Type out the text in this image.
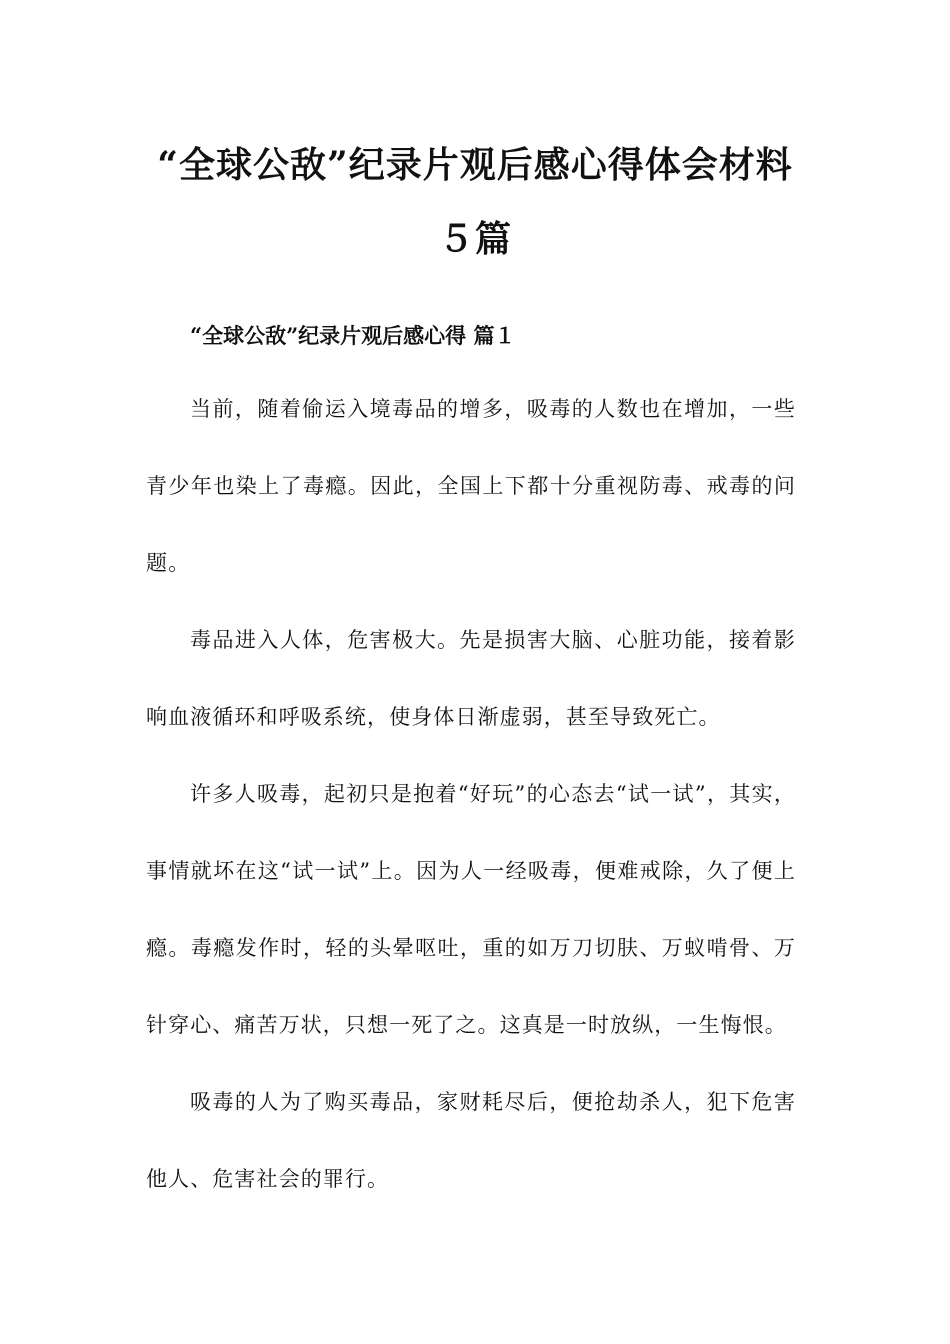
“全球公敌”纪录片观后感心得体会材料５篇
“全球公敌”纪录片观后感心得 篇１

当前，随着偷运入境毒品的增多，吸毒的人数也在增加，一些青少年也染上了毒瘾。因此，全国上下都十分重视防毒、戒毒的问题。

毒品进入人体，危害极大。先是损害大脑、心脏功能，接着影响血液循环和呼吸系统，使身体日渐虚弱，甚至导致死亡。

许多人吸毒，起初只是抱着“好玩”的心态去“试一试”，其实，事情就坏在这“试一试”上。因为人一经吸毒，便难戒除，久了便上瘾。毒瘾发作时，轻的头晕呕吐，重的如万刀切肤、万蚁啃骨、万针穿心、痛苦万状，只想一死了之。这真是一时放纵，一生悔恨。

吸毒的人为了购买毒品，家财耗尽后，便抢劫杀人，犯下危害他人、危害社会的罪行。
